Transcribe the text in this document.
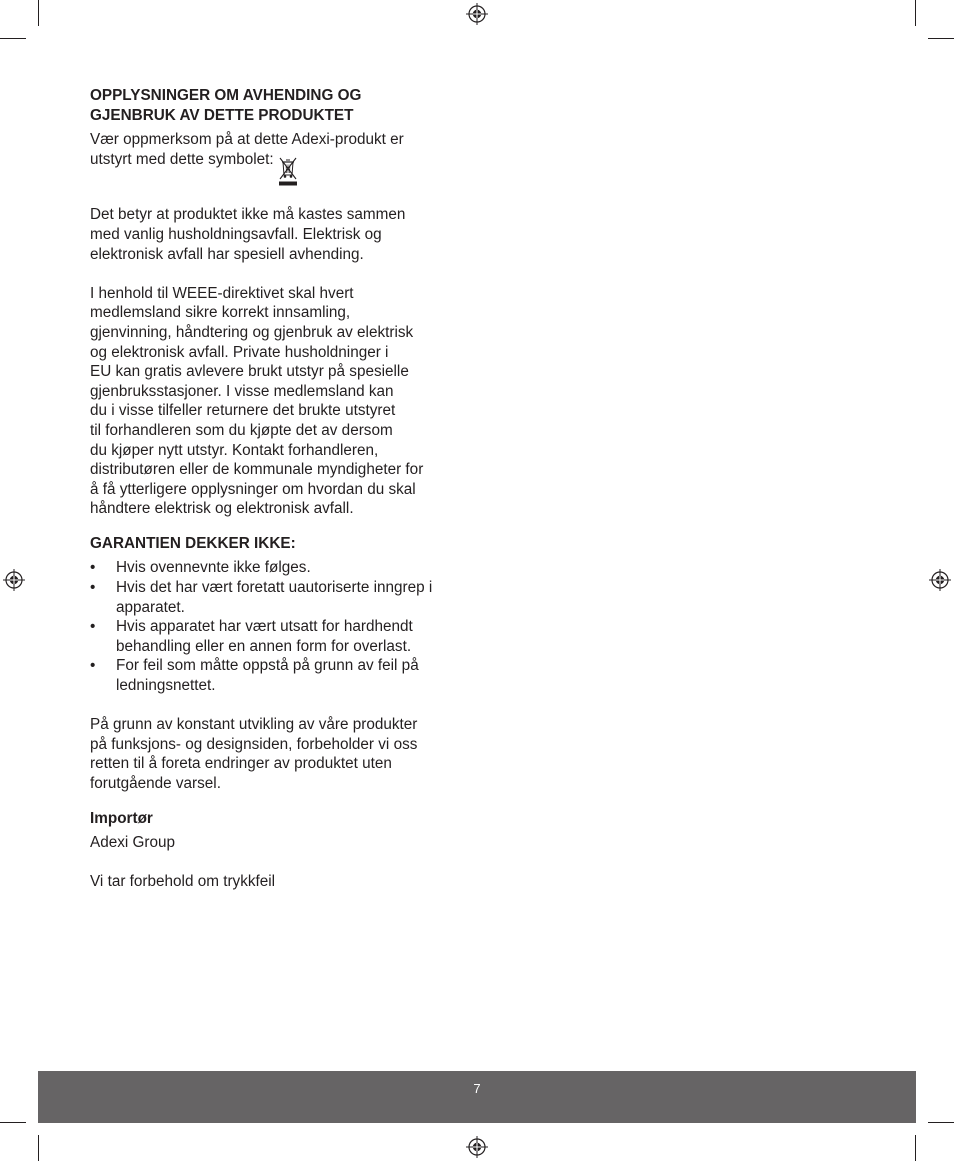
OPPLYSNINGER OM AVHENDING OG
GJENBRUK AV DETTE PRODUKTET

Vær oppmerksom på at dette Adexi-produkt er
utstyrt med dette symbolet:

Det betyr at produktet ikke må kastes sammen
med vanlig husholdningsavfall. Elektrisk og
elektronisk avfall har spesiell avhending.

I henhold til WEEE-direktivet skal hvert
medlemsland sikre korrekt innsamling,
gjenvinning, håndtering og gjenbruk av elektrisk
og elektronisk avfall. Private husholdninger i
EU kan gratis avlevere brukt utstyr på spesielle
gjenbruksstasjoner. I visse medlemsland kan
du i visse tilfeller returnere det brukte utstyret
til forhandleren som du kjøpte det av dersom
du kjøper nytt utstyr. Kontakt forhandleren,
distributøren eller de kommunale myndigheter for
å få ytterligere opplysninger om hvordan du skal
håndtere elektrisk og elektronisk avfall.

GARANTIEN DEKKER IKKE:
• Hvis ovennevnte ikke følges.
• Hvis det har vært foretatt uautoriserte inngrep i
apparatet.
• Hvis apparatet har vært utsatt for hardhendt
behandling eller en annen form for overlast.
• For feil som måtte oppstå på grunn av feil på
ledningsnettet.

På grunn av konstant utvikling av våre produkter
på funksjons- og designsiden, forbeholder vi oss
retten til å foreta endringer av produktet uten
forutgående varsel.

Importør

Adexi Group

Vi tar forbehold om trykkfeil

7
